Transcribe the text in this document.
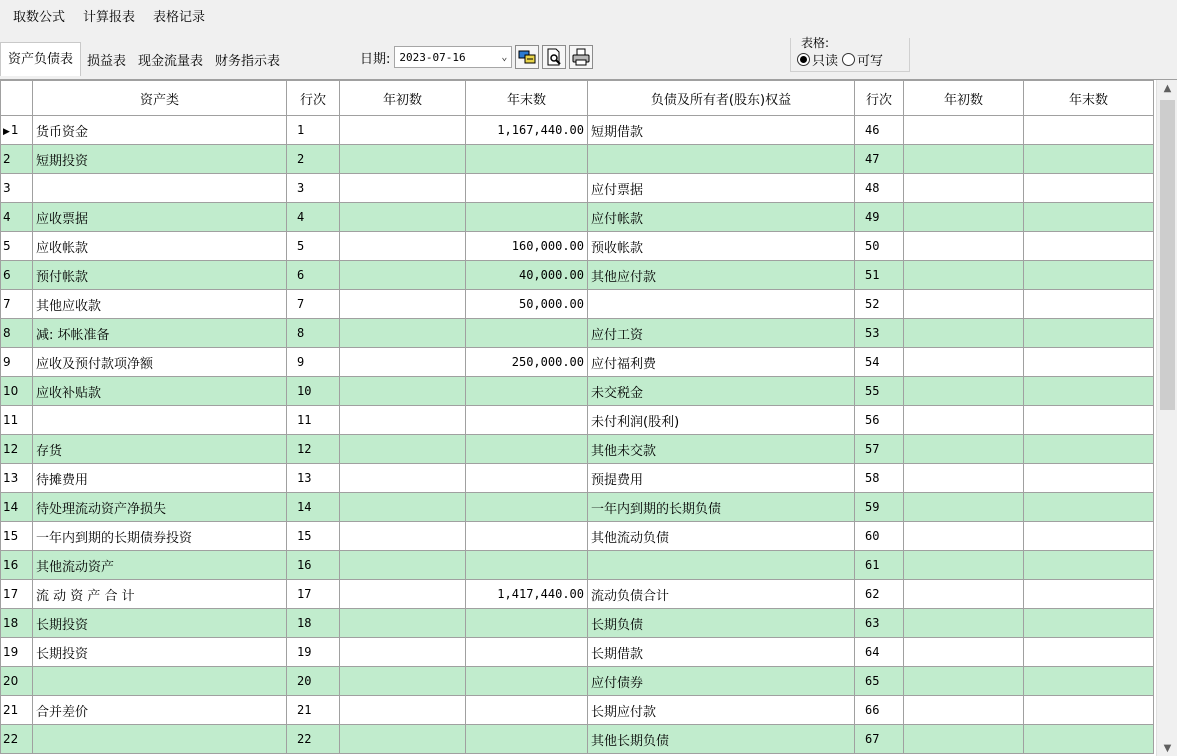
取数公式	计算报表	表格记录
资产负债表	损益表 现金流量表 财务指示表	日期: 2023-07-16	⌄
表格:
只读 可写
	资产类	行次	年初数	年末数	负债及所有者(股东)权益	行次	年初数	年末数
▶1	货币资金	1		1,167,440.00	短期借款	46		
2	短期投资	2				47		
3		3			应付票据	48		
4	应收票据	4			应付帐款	49		
5	应收帐款	5		160,000.00	预收帐款	50		
6	预付帐款	6		40,000.00	其他应付款	51		
7	其他应收款	7		50,000.00		52		
8	减: 坏帐准备	8			应付工资	53		
9	应收及预付款项净额	9		250,000.00	应付福利费	54		
10	应收补贴款	10			未交税金	55		
11		11			未付利润(股利)	56		
12	存货	12			其他未交款	57		
13	待摊费用	13			预提费用	58		
14	待处理流动资产净损失	14			一年内到期的长期负债	59		
15	一年内到期的长期债券投资	15			其他流动负债	60		
16	其他流动资产	16				61		
17	流 动 资 产 合 计	17		1,417,440.00	流动负债合计	62		
18	长期投资	18			长期负债	63		
19	长期投资	19			长期借款	64		
20		20			应付债券	65		
21	合并差价	21			长期应付款	66		
22		22			其他长期负债	67		
▲
▼
